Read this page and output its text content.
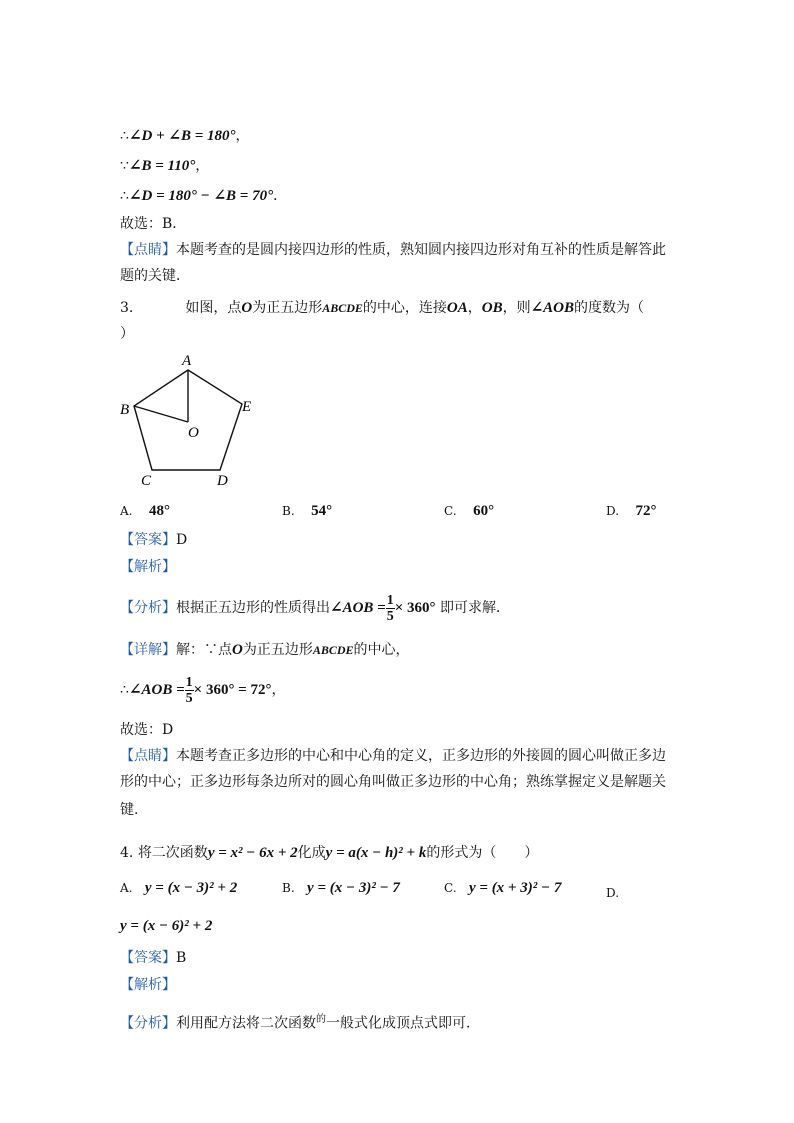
∴∠D + ∠B = 180°，
∵∠B = 110°，
∴∠D = 180° − ∠B = 70°．
故选：B．
【点睛】本题考查的是圆内接四边形的性质，熟知圆内接四边形对角互补的性质是解答此
题的关键．
3.	如图，点O为正五边形ABCDE的中心，连接OA，OB，则∠AOB的度数为（
）
A
B
C	D
E
O
A. 48°	B. 54°	C. 60°	D. 72°
【答案】D
【解析】
【分析】根据正五边形的性质得出∠AOB = $\frac{1}{5} \times 360^\circ$ 即可求解．
【详解】解：∵点O为正五边形ABCDE的中心，
∴∠AOB = $\frac{1}{5} \times 360^\circ = 72^\circ$，
故选：D
【点睛】本题考查正多边形的中心和中心角的定义，正多边形的外接圆的圆心叫做正多边
形的中心；正多边形每条边所对的圆心角叫做正多边形的中心角；熟练掌握定义是解题关
键.
4. 将二次函数y = x² − 6x + 2化成y = a(x − h)² + k的形式为（　　）
A. y = (x − 3)² + 2	B. y = (x − 3)² − 7	C. y = (x + 3)² − 7	D.
y = (x − 6)² + 2
【答案】B
【解析】
【分析】利用配方法将二次函数$^的$一般式化成顶点式即可．
